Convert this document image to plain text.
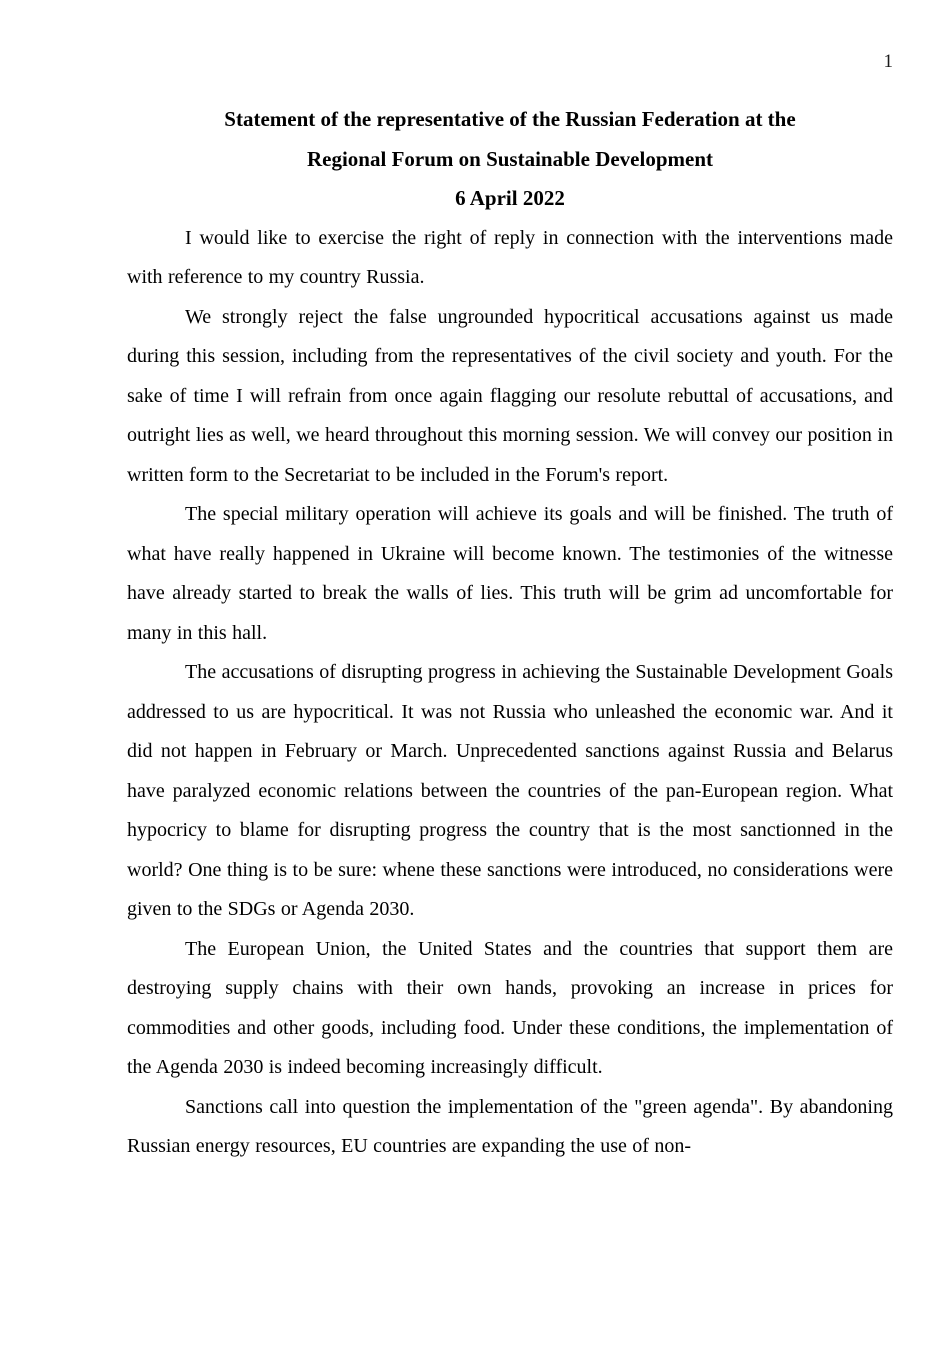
1
Statement of the representative of the Russian Federation at the
Regional Forum on Sustainable Development
6 April 2022

I would like to exercise the right of reply in connection with the interventions made with reference to my country Russia.

We strongly reject the false ungrounded hypocritical accusations against us made during this session, including from the representatives of the civil society and youth. For the sake of time I will refrain from once again flagging our resolute rebuttal of accusations, and outright lies as well, we heard throughout this morning session. We will convey our position in written form to the Secretariat to be included in the Forum's report.

The special military operation will achieve its goals and will be finished. The truth of what have really happened in Ukraine will become known. The testimonies of the witnesse have already started to break the walls of lies. This truth will be grim ad uncomfortable for many in this hall.

The accusations of disrupting progress in achieving the Sustainable Development Goals addressed to us are hypocritical. It was not Russia who unleashed the economic war. And it did not happen in February or March. Unprecedented sanctions against Russia and Belarus have paralyzed economic relations between the countries of the pan-European region. What hypocricy to blame for disrupting progress the country that is the most sanctionned in the world? One thing is to be sure: whene these sanctions were introduced, no considerations were given to the SDGs or Agenda 2030.

The European Union, the United States and the countries that support them are destroying supply chains with their own hands, provoking an increase in prices for commodities and other goods, including food. Under these conditions, the implementation of the Agenda 2030 is indeed becoming increasingly difficult.

Sanctions call into question the implementation of the "green agenda". By abandoning Russian energy resources, EU countries are expanding the use of non-
